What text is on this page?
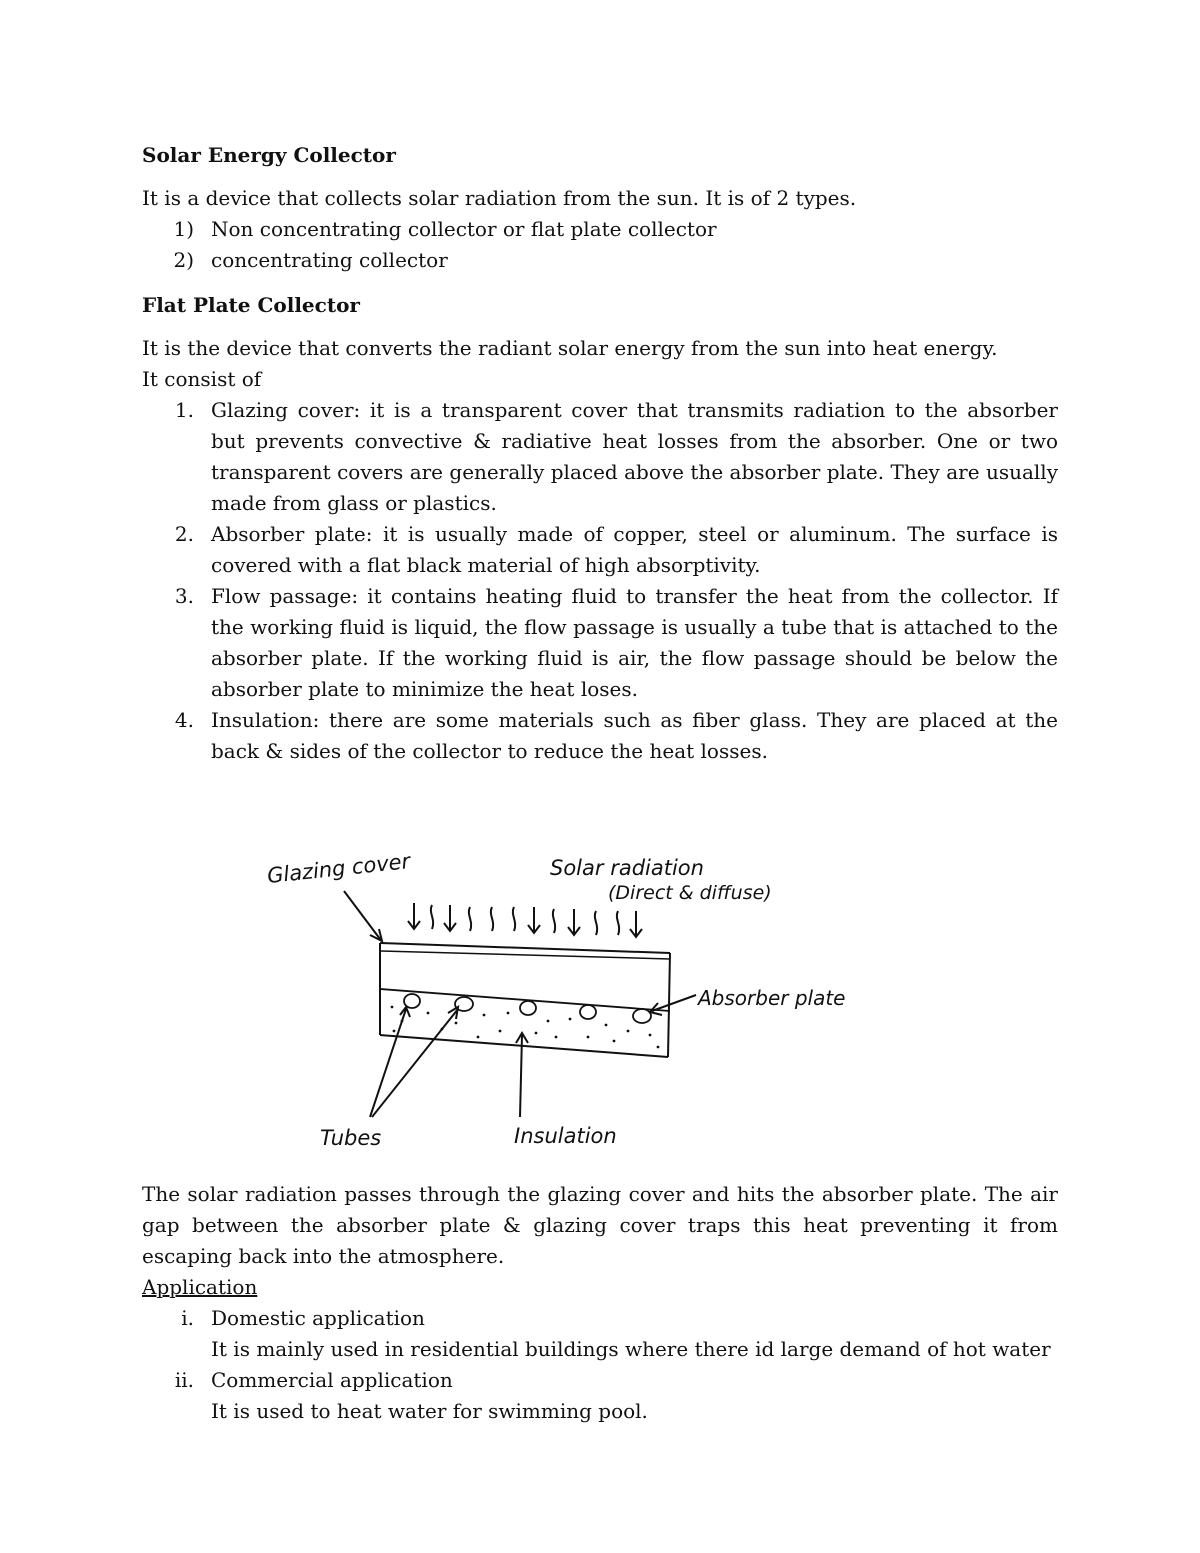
Solar Energy Collector

It is a device that collects solar radiation from the sun. It is of 2 types.

1) Non concentrating collector or flat plate collector
2) concentrating collector
Flat Plate Collector

It is the device that converts the radiant solar energy from the sun into heat energy.

It consist of

1. Glazing cover: it is a transparent cover that transmits radiation to the absorber but prevents convective & radiative heat losses from the absorber. One or two transparent covers are generally placed above the absorber plate. They are usually made from glass or plastics.
2. Absorber plate: it is usually made of copper, steel or aluminum. The surface is covered with a flat black material of high absorptivity.
3. Flow passage: it contains heating fluid to transfer the heat from the collector. If the working fluid is liquid, the flow passage is usually a tube that is attached to the absorber plate. If the working fluid is air, the flow passage should be below the absorber plate to minimize the heat loses.
4. Insulation: there are some materials such as fiber glass. They are placed at the back & sides of the collector to reduce the heat losses.
Glazing cover	Solar radiation
(Direct & diffuse)
Absorber plate
Tubes	Insulation

The solar radiation passes through the glazing cover and hits the absorber plate. The air gap between the absorber plate & glazing cover traps this heat preventing it from escaping back into the atmosphere.

Application

i. Domestic application
It is mainly used in residential buildings where there id large demand of hot water
ii. Commercial application
It is used to heat water for swimming pool.
